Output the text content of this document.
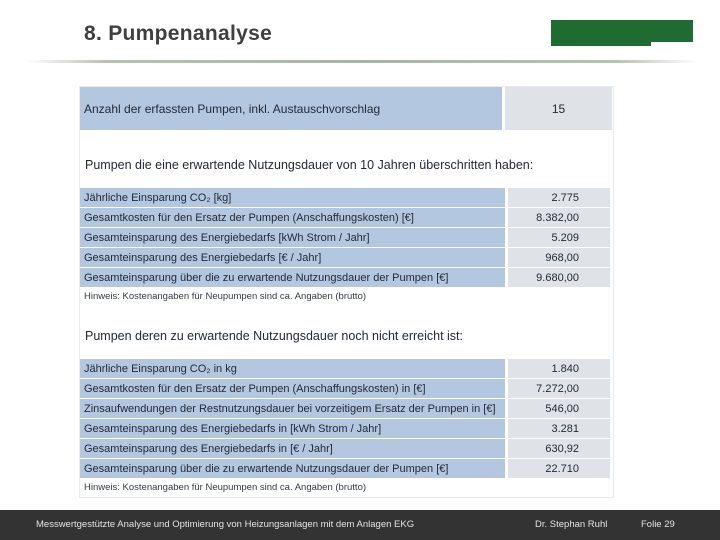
8. Pumpenanalyse
Anzahl der erfassten Pumpen, inkl. Austauschvorschlag	15
Pumpen die eine erwartende Nutzungsdauer von 10 Jahren überschritten haben:
Jährliche Einsparung CO₂ [kg]	2.775
Gesamtkosten für den Ersatz der Pumpen (Anschaffungskosten) [€]	8.382,00
Gesamteinsparung des Energiebedarfs [kWh Strom / Jahr]	5.209
Gesamteinsparung des Energiebedarfs [€ / Jahr]	968,00
Gesamteinsparung über die zu erwartende Nutzungsdauer der Pumpen [€]	9.680,00
Hinweis: Kostenangaben für Neupumpen sind ca. Angaben (brutto)
Pumpen deren zu erwartende Nutzungsdauer noch nicht erreicht ist:
Jährliche Einsparung CO₂ in kg	1.840
Gesamtkosten für den Ersatz der Pumpen (Anschaffungskosten) in [€]	7.272,00
Zinsaufwendungen der Restnutzungsdauer bei vorzeitigem Ersatz der Pumpen in [€]	546,00
Gesamteinsparung des Energiebedarfs in [kWh Strom / Jahr]	3.281
Gesamteinsparung des Energiebedarfs in [€ / Jahr]	630,92
Gesamteinsparung über die zu erwartende Nutzungsdauer der Pumpen [€]	22.710
Hinweis: Kostenangaben für Neupumpen sind ca. Angaben (brutto)
Messwertgestützte Analyse und Optimierung von Heizungsanlagen mit dem Anlagen EKG	Dr. Stephan Ruhl	Folie 29
